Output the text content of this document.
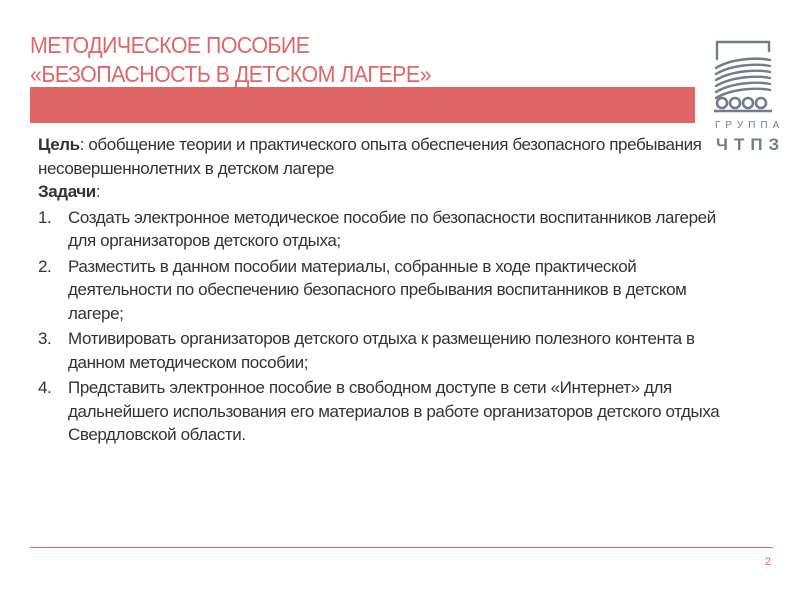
МЕТОДИЧЕСКОЕ ПОСОБИЕ
«БЕЗОПАСНОСТЬ В ДЕТСКОМ ЛАГЕРЕ»
ГРУППА
ЧТПЗ

Цель: обобщение теории и практического опыта обеспечения безопасного пребывания несовершеннолетних в детском лагере

Задачи:

1. Создать электронное методическое пособие по безопасности воспитанников лагерей для организаторов детского отдыха;
2. Разместить в данном пособии материалы, собранные в ходе практической деятельности по обеспечению безопасного пребывания воспитанников в детском лагере;
3. Мотивировать организаторов детского отдыха к размещению полезного контента в данном методическом пособии;
4. Представить электронное пособие в свободном доступе в сети «Интернет» для дальнейшего использования его материалов в работе организаторов детского отдыха Свердловской области.
2
